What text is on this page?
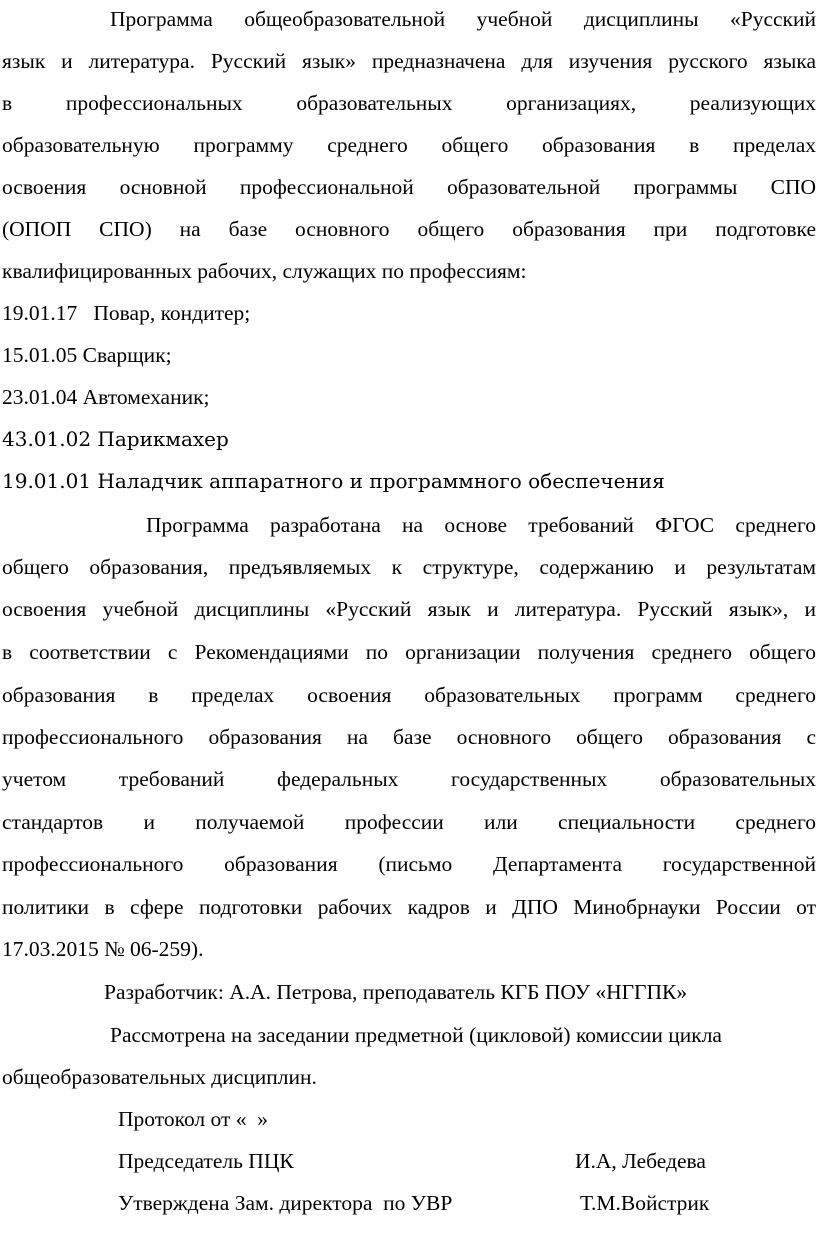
Программа общеобразовательной учебной дисциплины «Русский
язык и литература. Русский язык» предназначена для изучения русского языка
в профессиональных образовательных организациях, реализующих
образовательную программу среднего общего образования в пределах
освоения основной профессиональной образовательной программы СПО
(ОПОП СПО) на базе основного общего образования при подготовке
квалифицированных рабочих, служащих по профессиям:
19.01.17   Повар, кондитер;
15.01.05 Сварщик;
23.01.04 Автомеханик;
43.01.02 Парикмахер
19.01.01 Наладчик аппаратного и программного обеспечения
Программа разработана на основе требований ФГОС среднего
общего образования, предъявляемых к структуре, содержанию и результатам
освоения учебной дисциплины «Русский язык и литература. Русский язык», и
в соответствии с Рекомендациями по организации получения среднего общего
образования в пределах освоения образовательных программ среднего
профессионального образования на базе основного общего образования с
учетом требований федеральных государственных образовательных
стандартов и получаемой профессии или специальности среднего
профессионального образования (письмо Департамента государственной
политики в сфере подготовки рабочих кадров и ДПО Минобрнауки России от
17.03.2015 № 06-259).
Разработчик: А.А. Петрова, преподаватель КГБ ПОУ «НГГПК»
Рассмотрена на заседании предметной (цикловой) комиссии цикла
общеобразовательных дисциплин.
Протокол от «  »
Председатель ПЦК	И.А, Лебедева
Утверждена Зам. директора  по УВР	Т.М.Войстрик
